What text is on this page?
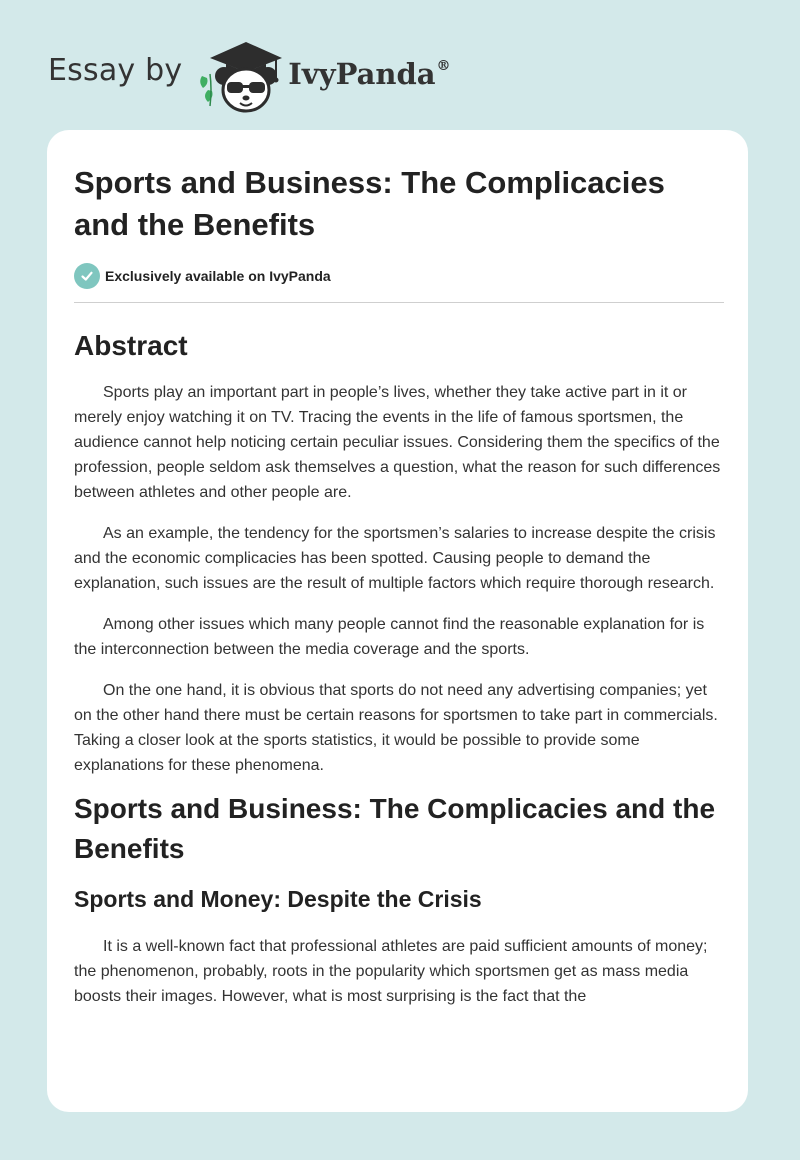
Essay by	IvyPanda®
Sports and Business: The Complicacies and the Benefits
Exclusively available on IvyPanda
Abstract

Sports play an important part in people’s lives, whether they take active part in it or merely enjoy watching it on TV. Tracing the events in the life of famous sportsmen, the audience cannot help noticing certain peculiar issues. Considering them the specifics of the profession, people seldom ask themselves a question, what the reason for such differences between athletes and other people are.

As an example, the tendency for the sportsmen’s salaries to increase despite the crisis and the economic complicacies has been spotted. Causing people to demand the explanation, such issues are the result of multiple factors which require thorough research.

Among other issues which many people cannot find the reasonable explanation for is the interconnection between the media coverage and the sports.

On the one hand, it is obvious that sports do not need any advertising companies; yet on the other hand there must be certain reasons for sportsmen to take part in commercials. Taking a closer look at the sports statistics, it would be possible to provide some explanations for these phenomena.

Sports and Business: The Complicacies and the Benefits
Sports and Money: Despite the Crisis

It is a well-known fact that professional athletes are paid sufficient amounts of money; the phenomenon, probably, roots in the popularity which sportsmen get as mass media boosts their images. However, what is most surprising is the fact that the
